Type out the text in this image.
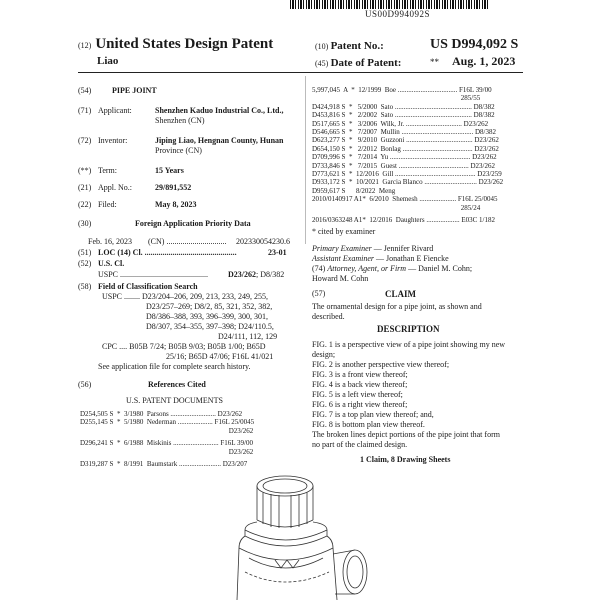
US00D994092S
(12) United States Design Patent
Liao
(10) Patent No.:	US D994,092 S
(45) Date of Patent:	** Aug. 1, 2023
(54)	PIPE JOINT
(71) Applicant:	Shenzhen Kaduo Industrial Co., Ltd.,
Shenzhen (CN)
(72) Inventor:	Jiping Liao, Hengnan County, Hunan
Province (CN)
(**) Term:	15 Years
(21) Appl. No.:	29/891,552
(22) Filed:	May 8, 2023
(30)	Foreign Application Priority Data
Feb. 16, 2023 (CN) .............................. 202330054230.6
(51) LOC (14) Cl. ..............................................	23-01
(52) U.S. Cl.
USPC ............................................ D23/262; D8/382
(58) Field of Classification Search
USPC ........ D23/204–206, 209, 213, 233, 249, 255,
D23/257–269; D8/2, 85, 321, 352, 382,
D8/386–388, 393, 396–399, 300, 301,
D8/307, 354–355, 397–398; D24/110.5,
D24/111, 112, 129
CPC .... B05B 7/24; B05B 9/03; B05B 1/00; B65D
25/16; B65D 47/06; F16L 41/021
See application file for complete search history.
(56)	References Cited
U.S. PATENT DOCUMENTS
D254,505 S  *  3/1980  Parsons .......................... D23/262
D255,145 S  *  5/1980  Nederman .................... F16L 25/0045
D23/262
D296,241 S  *  6/1988  Miskinis .......................... F16L 39/00
D23/262
D319,287 S  *  8/1991  Baumstark ........................ D23/207
5,997,045  A  *  12/1999  Boe .................................. F16L 39/00
285/55
D424,918 S  *   5/2000  Sato ............................................ D8/382
D453,816 S  *   2/2002  Sato ............................................ D8/382
D517,665 S  *   3/2006  Wilk, Jr. ................................ D23/262
D546,665 S  *   7/2007  Mullin ......................................... D8/382
D623,277 S  *   9/2010  Guzzoni ...................................... D23/262
D654,150 S  *   2/2012  Bonlag ........................................ D23/262
D709,996 S  *   7/2014  Yu .............................................. D23/262
D733,846 S  *   7/2015  Guest ........................................ D23/262
D773,621 S  *  12/2016  Gill .............................................. D23/259
D933,172 S  *  10/2021  Garcia Blanco .............................. D23/262
D959,617 S      8/2022  Meng
2010/0140917 A1*  6/2010  Shemesh ..................... F16L 25/0045
285/24
2016/0363248 A1*  12/2016  Daughters ................... E03C 1/182
* cited by examiner
Primary Examiner — Jennifer Rivard
Assistant Examiner — Jonathan E Fiencke
(74) Attorney, Agent, or Firm — Daniel M. Cohn;
Howard M. Cohn
(57)	CLAIM
The ornamental design for a pipe joint, as shown and
described.
DESCRIPTION

FIG. 1 is a perspective view of a pipe joint showing my new

design;

FIG. 2 is another perspective view thereof;

FIG. 3 is a front view thereof;

FIG. 4 is a back view thereof;

FIG. 5 is a left view thereof;

FIG. 6 is a right view thereof;

FIG. 7 is a top plan view thereof; and,

FIG. 8 is bottom plan view thereof.

The broken lines depict portions of the pipe joint that form

no part of the claimed design.

1 Claim, 8 Drawing Sheets
